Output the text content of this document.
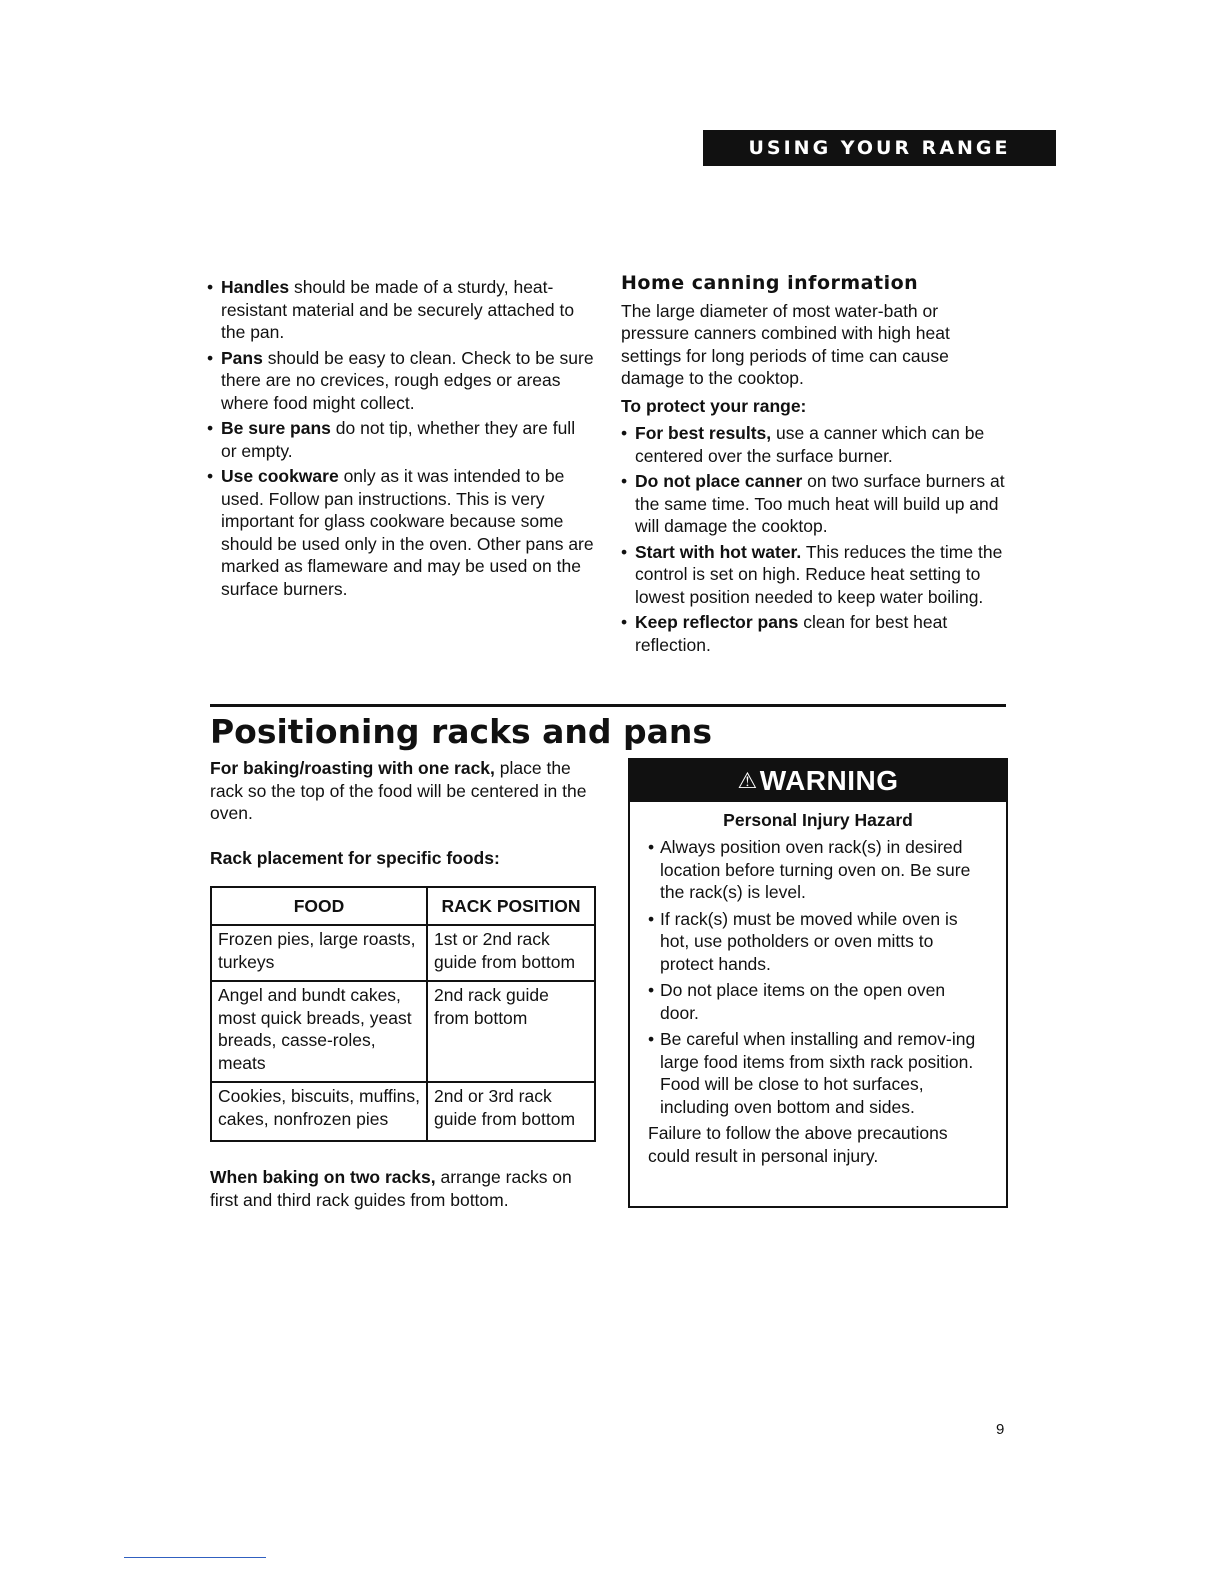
USING YOUR RANGE
• Handles should be made of a sturdy, heat-resistant material and be securely attached to the pan.
• Pans should be easy to clean. Check to be sure there are no crevices, rough edges or areas where food might collect.
• Be sure pans do not tip, whether they are full or empty.
• Use cookware only as it was intended to be used. Follow pan instructions. This is very important for glass cookware because some should be used only in the oven. Other pans are marked as flameware and may be used on the surface burners.
Home canning information

The large diameter of most water-bath or pressure canners combined with high heat settings for long periods of time can cause damage to the cooktop.

To protect your range:

• For best results, use a canner which can be centered over the surface burner.
• Do not place canner on two surface burners at the same time. Too much heat will build up and will damage the cooktop.
• Start with hot water. This reduces the time the control is set on high. Reduce heat setting to lowest position needed to keep water boiling.
• Keep reflector pans clean for best heat reflection.
Positioning racks and pans

For baking/roasting with one rack, place the rack so the top of the food will be centered in the oven.

Rack placement for specific foods:

FOOD	RACK POSITION
Frozen pies, large roasts, turkeys	1st or 2nd rack guide from bottom
Angel and bundt cakes, most quick breads, yeast breads, casse-roles, meats	2nd rack guide from bottom
Cookies, biscuits, muffins, cakes, nonfrozen pies	2nd or 3rd rack guide from bottom

When baking on two racks, arrange racks on first and third rack guides from bottom.

⚠ WARNING
Personal Injury Hazard
• Always position oven rack(s) in desired location before turning oven on. Be sure the rack(s) is level.
• If rack(s) must be moved while oven is hot, use potholders or oven mitts to protect hands.
• Do not place items on the open oven door.
• Be careful when installing and remov-ing large food items from sixth rack position. Food will be close to hot surfaces, including oven bottom and sides.

Failure to follow the above precautions could result in personal injury.

9
